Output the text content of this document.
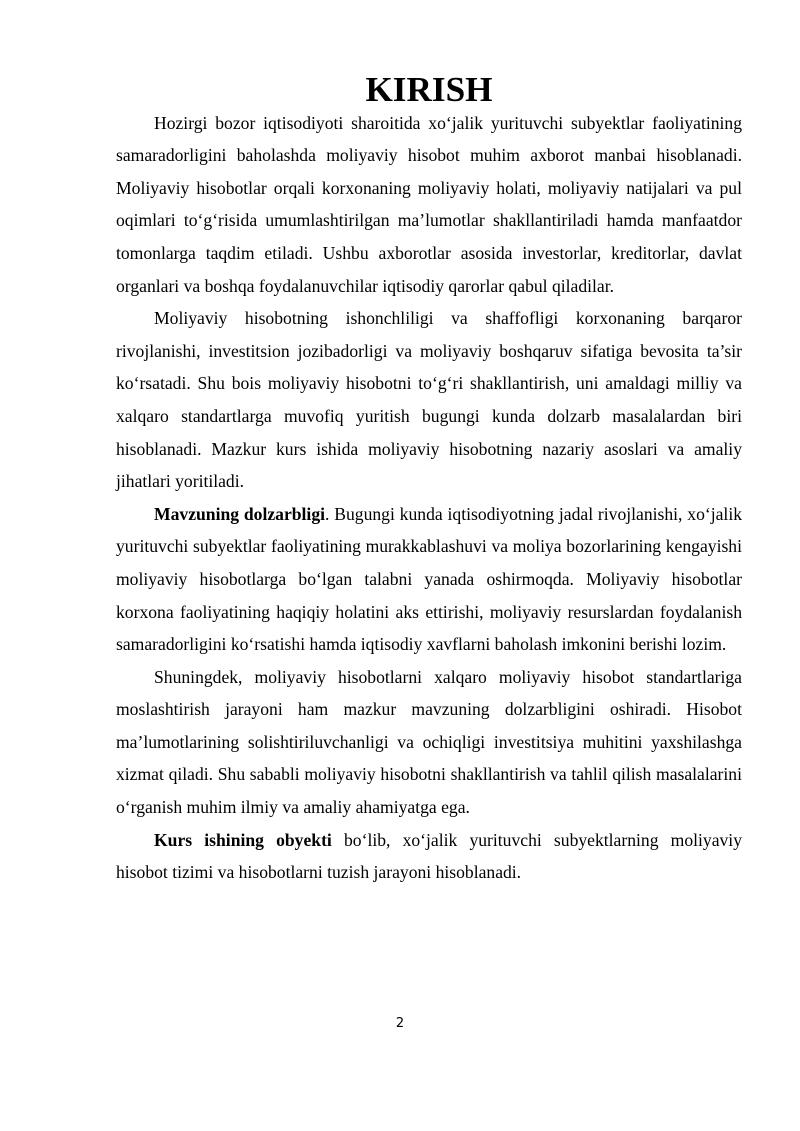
KIRISH

Hozirgi bozor iqtisodiyoti sharoitida xo‘jalik yurituvchi subyektlar faoliyatining samaradorligini baholashda moliyaviy hisobot muhim axborot manbai hisoblanadi. Moliyaviy hisobotlar orqali korxonaning moliyaviy holati, moliyaviy natijalari va pul oqimlari to‘g‘risida umumlashtirilgan ma’lumotlar shakllantiriladi hamda manfaatdor tomonlarga taqdim etiladi. Ushbu axborotlar asosida investorlar, kreditorlar, davlat organlari va boshqa foydalanuvchilar iqtisodiy qarorlar qabul qiladilar.

Moliyaviy hisobotning ishonchliligi va shaffofligi korxonaning barqaror rivojlanishi, investitsion jozibadorligi va moliyaviy boshqaruv sifatiga bevosita ta’sir ko‘rsatadi. Shu bois moliyaviy hisobotni to‘g‘ri shakllantirish, uni amaldagi milliy va xalqaro standartlarga muvofiq yuritish bugungi kunda dolzarb masalalardan biri hisoblanadi. Mazkur kurs ishida moliyaviy hisobotning nazariy asoslari va amaliy jihatlari yoritiladi.

Mavzuning dolzarbligi. Bugungi kunda iqtisodiyotning jadal rivojlanishi, xo‘jalik yurituvchi subyektlar faoliyatining murakkablashuvi va moliya bozorlarining kengayishi moliyaviy hisobotlarga bo‘lgan talabni yanada oshirmoqda. Moliyaviy hisobotlar korxona faoliyatining haqiqiy holatini aks ettirishi, moliyaviy resurslardan foydalanish samaradorligini ko‘rsatishi hamda iqtisodiy xavflarni baholash imkonini berishi lozim.

Shuningdek, moliyaviy hisobotlarni xalqaro moliyaviy hisobot standartlariga moslashtirish jarayoni ham mazkur mavzuning dolzarbligini oshiradi. Hisobot ma’lumotlarining solishtiriluvchanligi va ochiqligi investitsiya muhitini yaxshilashga xizmat qiladi. Shu sababli moliyaviy hisobotni shakllantirish va tahlil qilish masalalarini o‘rganish muhim ilmiy va amaliy ahamiyatga ega.

Kurs ishining obyekti bo‘lib, xo‘jalik yurituvchi subyektlarning moliyaviy hisobot tizimi va hisobotlarni tuzish jarayoni hisoblanadi.

2
